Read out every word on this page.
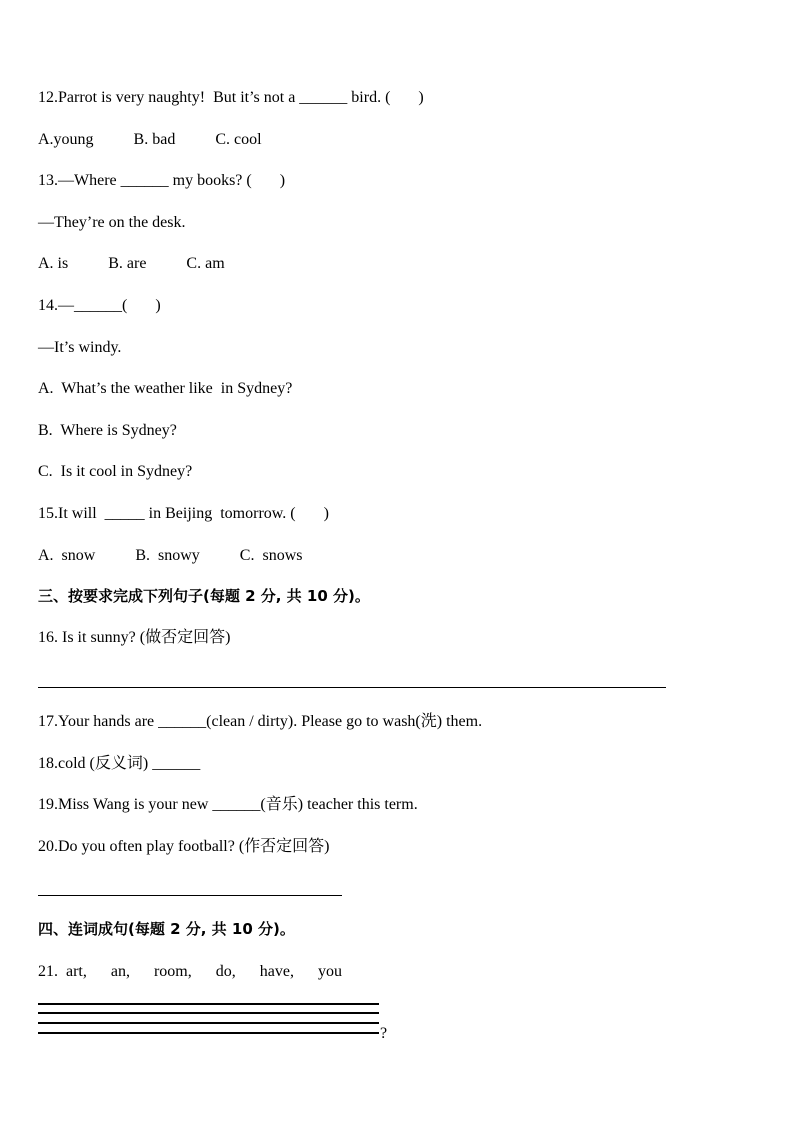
12.Parrot is very naughty!  But it’s not a ______ bird. (       )
A.young          B. bad          C. cool
13.—Where ______ my books? (       )
—They’re on the desk.
A. is          B. are          C. am
14.—______(       )
—It’s windy.
A.  What’s the weather like  in Sydney?
B.  Where is Sydney?
C.  Is it cool in Sydney?
15.It will  _____ in Beijing  tomorrow. (       )
A.  snow          B.  snowy          C.  snows
三、按要求完成下列句子(每题 2 分, 共 10 分)。
16. Is it sunny? (做否定回答)
17.Your hands are ______(clean / dirty). Please go to wash(洗) them.
18.cold (反义词) ______
19.Miss Wang is your new ______(音乐) teacher this term.
20.Do you often play football? (作否定回答)
四、连词成句(每题 2 分, 共 10 分)。
21.  art,      an,      room,      do,      have,      you
?
